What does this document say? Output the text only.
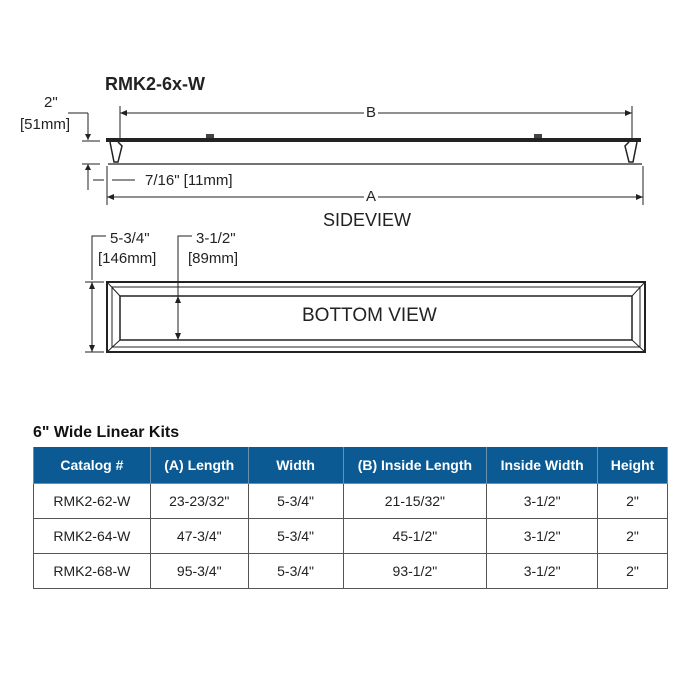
RMK2-6x-W
2"
[51mm]
B
7/16" [11mm]
A
SIDEVIEW
5-3/4"
[146mm]
3-1/2"
[89mm]
BOTTOM VIEW
6" Wide Linear Kits
Catalog #	(A) Length	Width	(B) Inside Length	Inside Width	Height
RMK2-62-W	23-23/32"	5-3/4"	21-15/32"	3-1/2"	2"
RMK2-64-W	47-3/4"	5-3/4"	45-1/2"	3-1/2"	2"
RMK2-68-W	95-3/4"	5-3/4"	93-1/2"	3-1/2"	2"
